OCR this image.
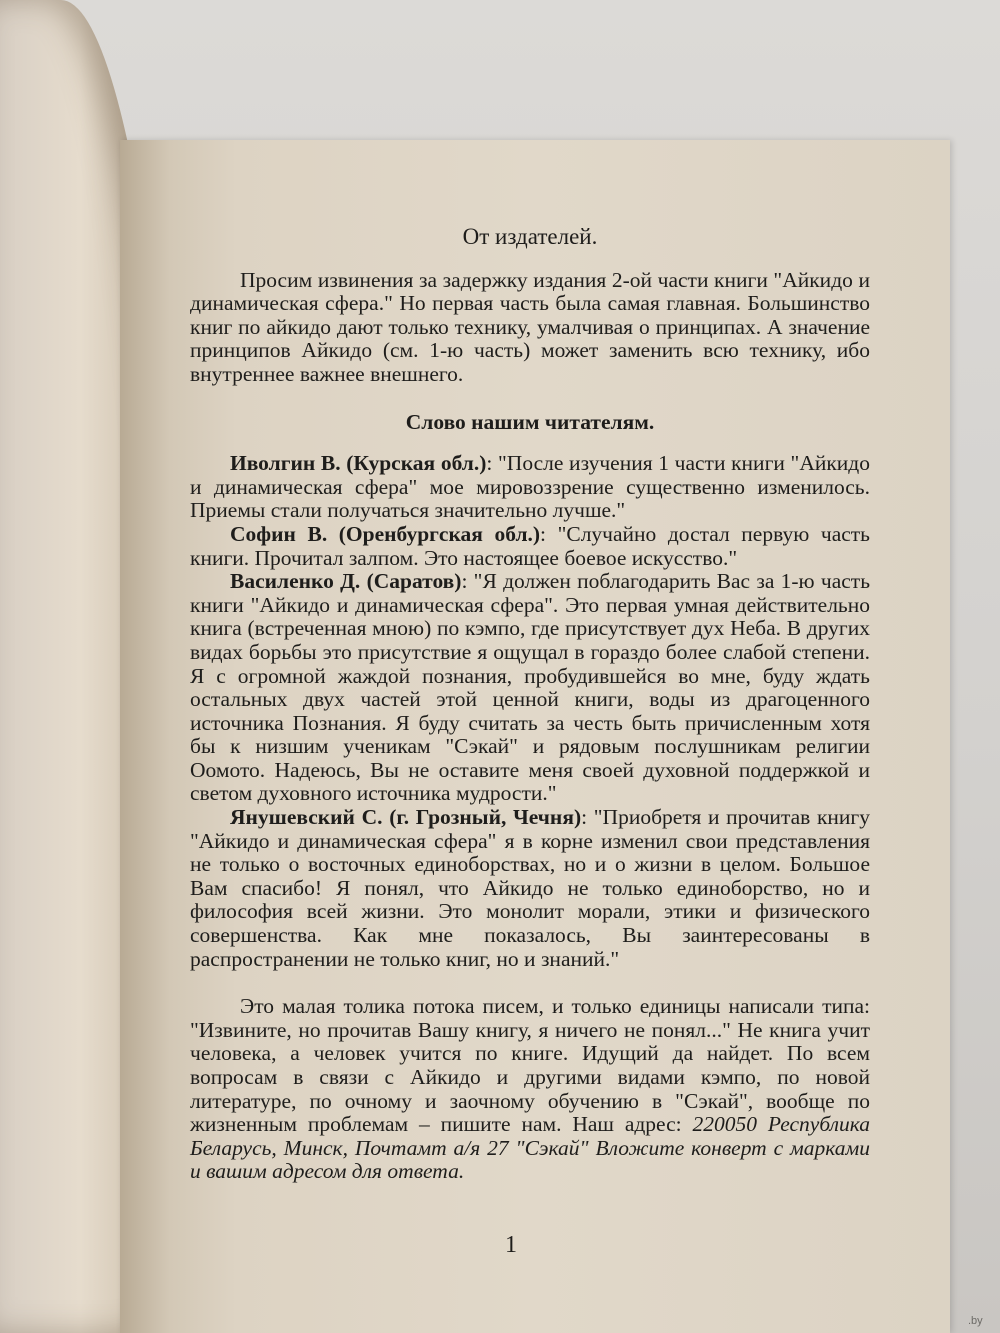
От издателей.

Просим извинения за задержку издания 2-ой части книги "Айкидо и динамическая сфера." Но первая часть была самая главная. Большинство книг по айкидо дают только технику, умалчивая о принципах. А значение принципов Айкидо (см. 1-ю часть) может заменить всю технику, ибо внутреннее важнее внешнего.

Слово нашим читателям.

Иволгин В. (Курская обл.): "После изучения 1 части книги "Айкидо и динамическая сфера" мое мировоззрение существенно изменилось. Приемы стали получаться значительно лучше."

Софин В. (Оренбургская обл.): "Случайно достал первую часть книги. Прочитал залпом. Это настоящее боевое искусство."

Василенко Д. (Саратов): "Я должен поблагодарить Вас за 1-ю часть книги "Айкидо и динамическая сфера". Это первая умная действительно книга (встреченная мною) по кэмпо, где присутствует дух Неба. В других видах борьбы это присутствие я ощущал в гораздо более слабой степени. Я с огромной жаждой познания, пробудившейся во мне, буду ждать остальных двух частей этой ценной книги, воды из драгоценного источника Познания. Я буду считать за честь быть причисленным хотя бы к низшим ученикам "Сэкай" и рядовым послушникам религии Оомото. Надеюсь, Вы не оставите меня своей духовной поддержкой и светом духовного источника мудрости."

Янушевский С. (г. Грозный, Чечня): "Приобретя и прочитав книгу "Айкидо и динамическая сфера" я в корне изменил свои представления не только о восточных единоборствах, но и о жизни в целом. Большое Вам спасибо! Я понял, что Айкидо не только единоборство, но и философия всей жизни. Это монолит морали, этики и физического совершенства. Как мне показалось, Вы заинтересованы в распространении не только книг, но и знаний."

Это малая толика потока писем, и только единицы написали типа: "Извините, но прочитав Вашу книгу, я ничего не понял..." Не книга учит человека, а человек учится по книге. Идущий да найдет. По всем вопросам в связи с Айкидо и другими видами кэмпо, по новой литературе, по очному и заочному обучению в "Сэкай", вообще по жизненным проблемам – пишите нам. Наш адрес: 220050 Республика Беларусь, Минск, Почтамт а/я 27 "Сэкай" Вложите конверт с марками и вашим адресом для ответа.

1
.by
